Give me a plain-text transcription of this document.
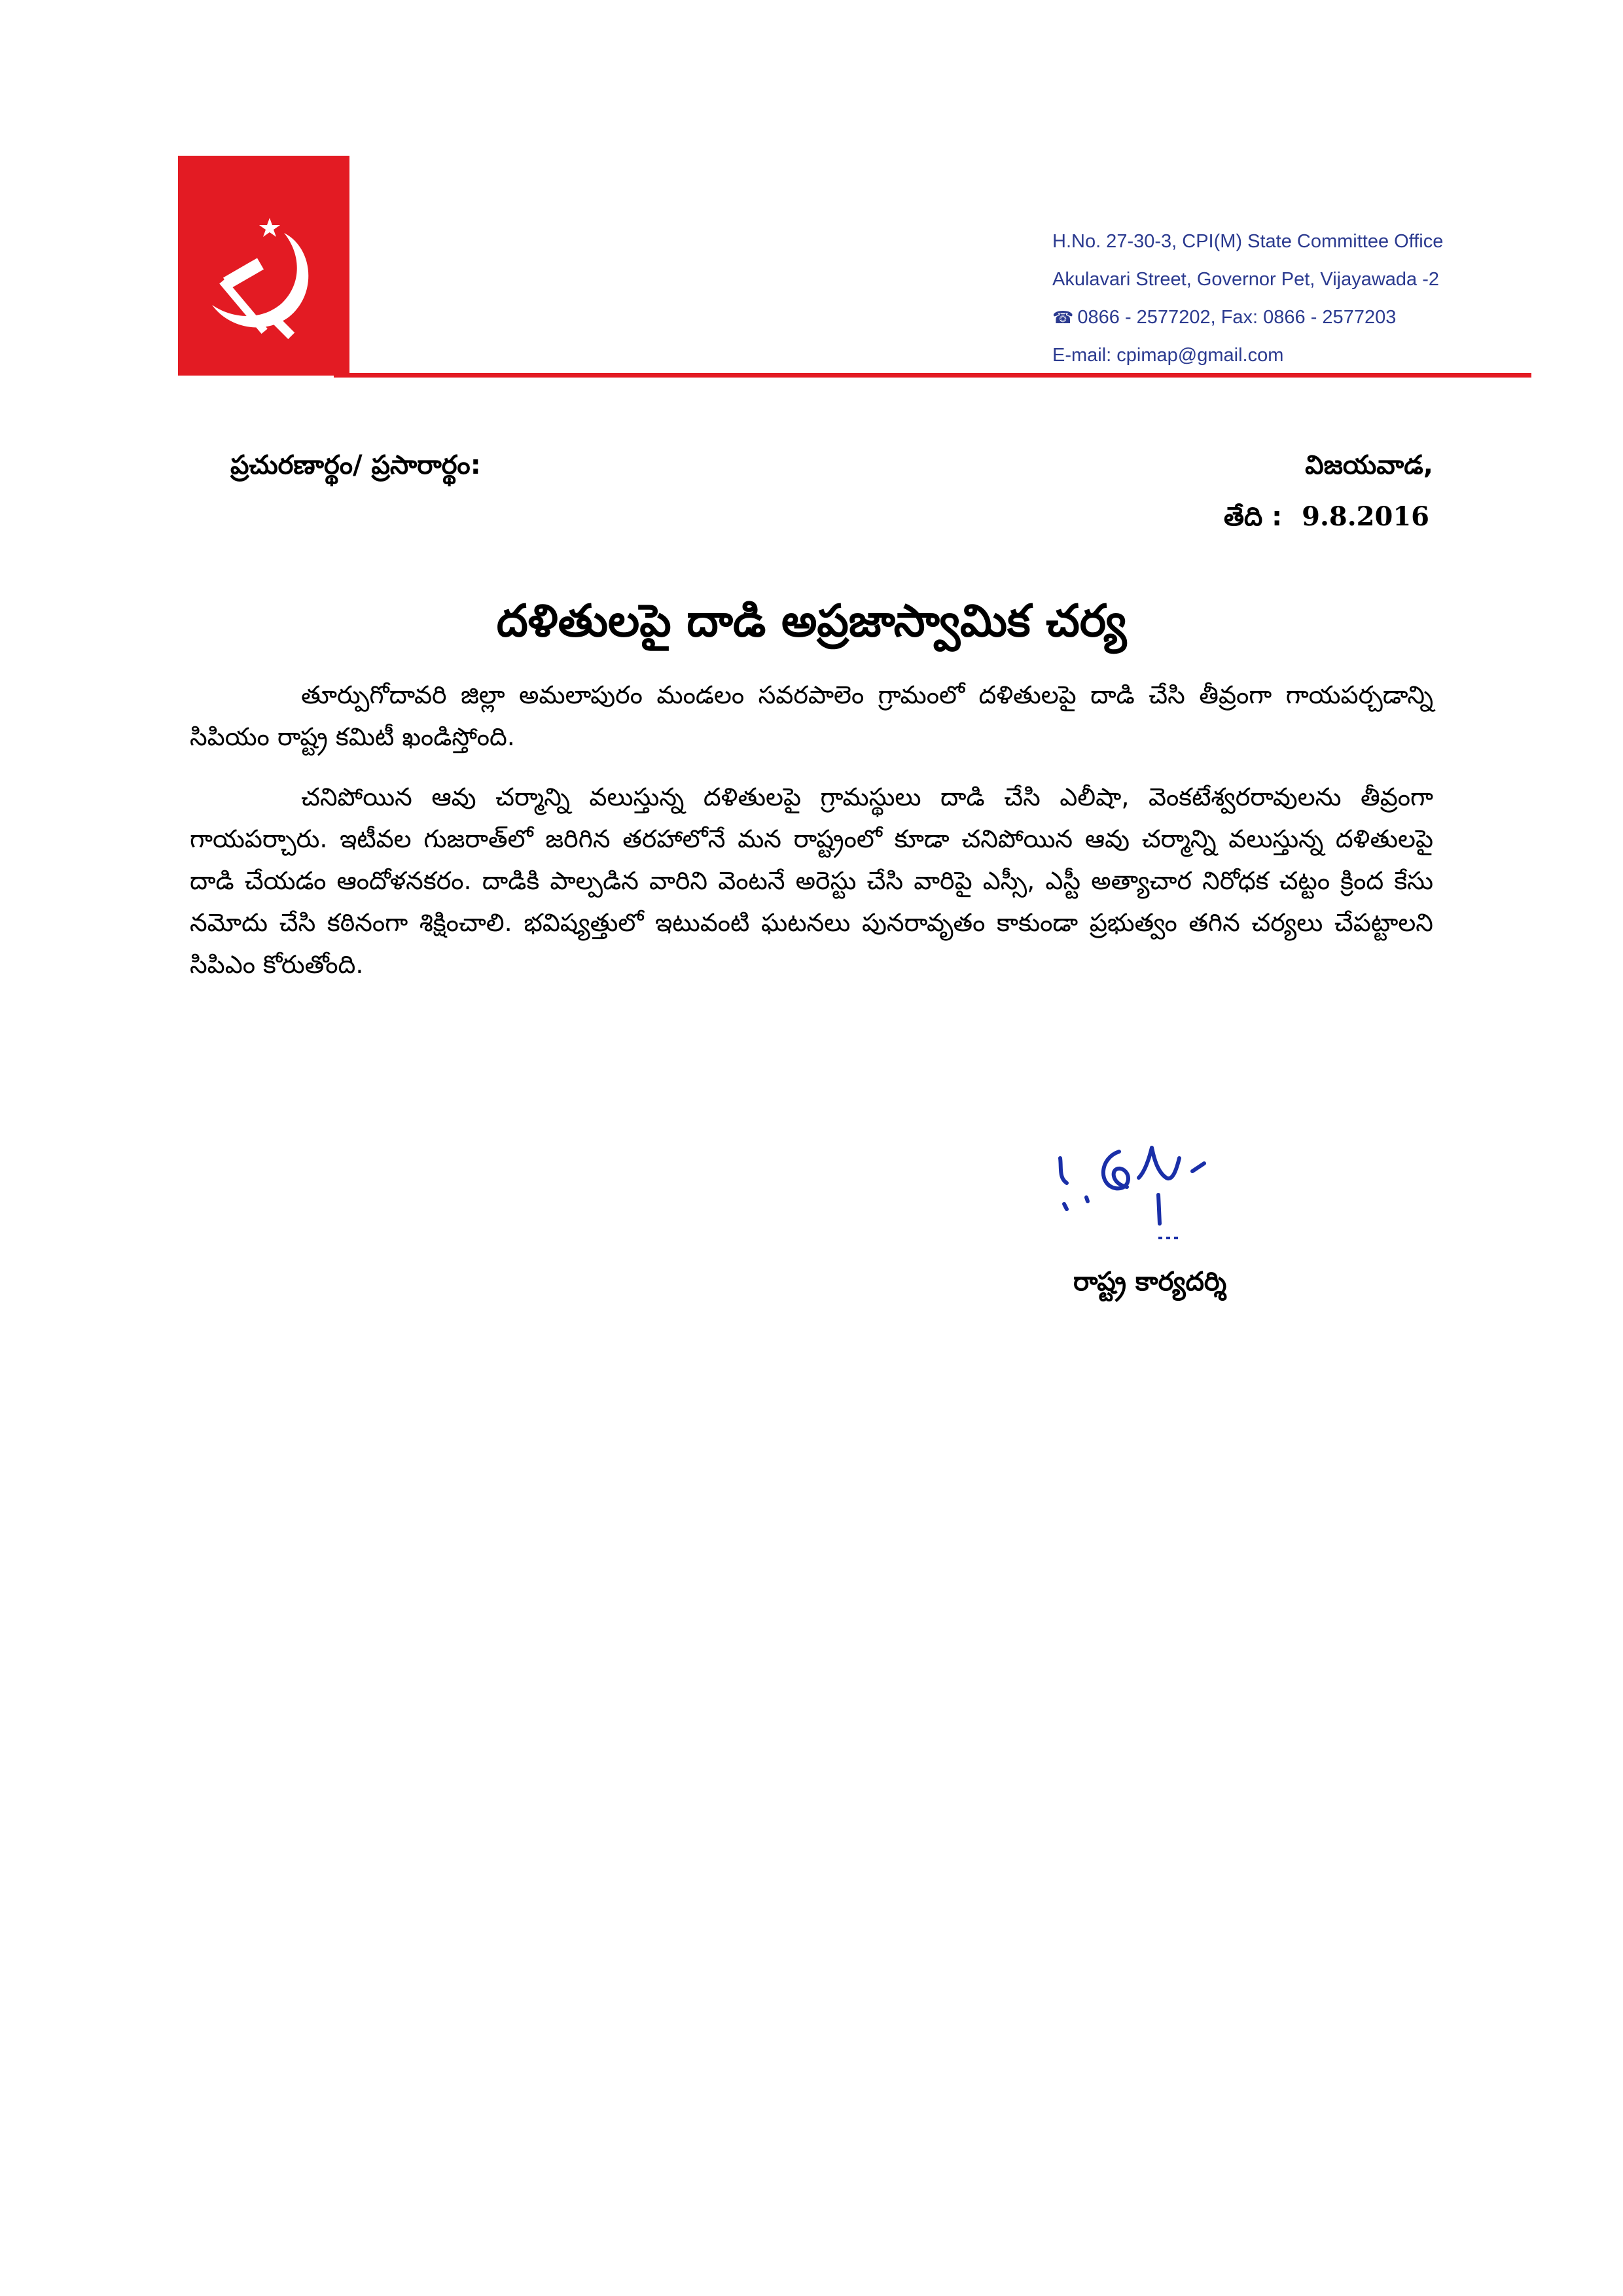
H.No. 27-30-3, CPI(M) State Committee Office
Akulavari Street, Governor Pet, Vijayawada -2
☎ 0866 - 2577202, Fax: 0866 - 2577203
E-mail: cpimap@gmail.com
ప్రచురణార్థం/ ప్రసారార్థం:	విజయవాడ,
తేది : 9.8.2016
దళితులపై దాడి అప్రజాస్వామిక చర్య

తూర్పుగోదావరి జిల్లా అమలాపురం మండలం సవరపాలెం గ్రామంలో దళితులపై దాడి చేసి తీవ్రంగా గాయపర్చడాన్ని సిపియం రాష్ట్ర కమిటీ ఖండిస్తోంది.

చనిపోయిన ఆవు చర్మాన్ని వలుస్తున్న దళితులపై గ్రామస్థులు దాడి చేసి ఎలీషా, వెంకటేశ్వరరావులను తీవ్రంగా గాయపర్చారు. ఇటీవల గుజరాత్‌లో జరిగిన తరహాలోనే మన రాష్ట్రంలో కూడా చనిపోయిన ఆవు చర్మాన్ని వలుస్తున్న దళితులపై దాడి చేయడం ఆందోళనకరం. దాడికి పాల్పడిన వారిని వెంటనే అరెస్టు చేసి వారిపై ఎస్సీ, ఎస్టీ అత్యాచార నిరోధక చట్టం క్రింద కేసు నమోదు చేసి కఠినంగా శిక్షించాలి. భవిష్యత్తులో ఇటువంటి ఘటనలు పునరావృతం కాకుండా ప్రభుత్వం తగిన చర్యలు చేపట్టాలని సిపిఎం కోరుతోంది.

రాష్ట్ర కార్యదర్శి
